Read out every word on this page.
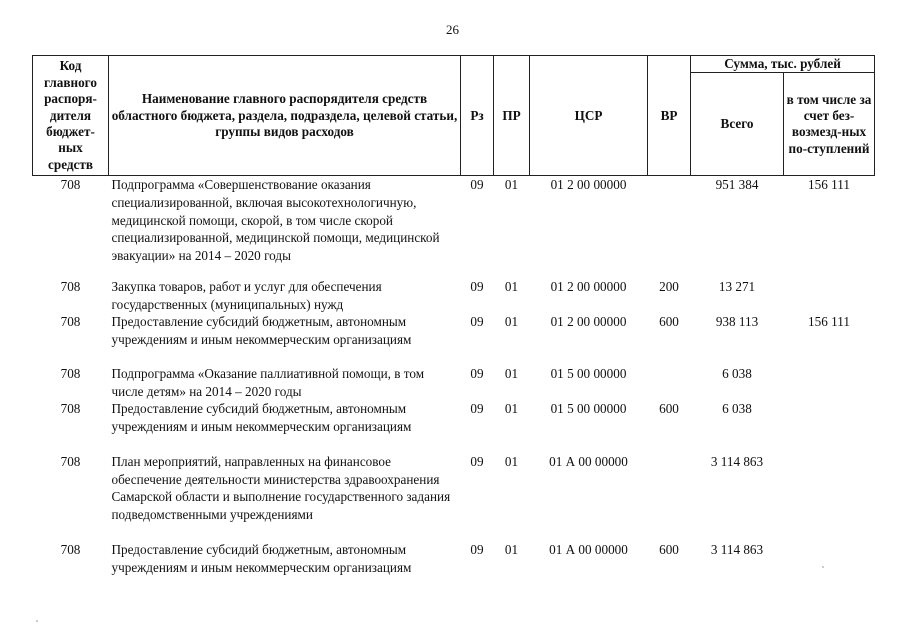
26
Код главного распоря-дителя бюджет-ных средств	Наименование главного распорядителя средств областного бюджета, раздела, подраздела, целевой статьи, группы видов расходов	Рз	ПР	ЦСР	ВР	Сумма, тыс. рублей	
						Всего	в том числе за счет без-возмезд-ных по-ступлений
708	Подпрограмма «Совершенствование оказания специализированной, включая высокотехнологичную, медицинской помощи, скорой, в том числе скорой специализированной, медицинской помощи, медицинской эвакуации» на 2014 – 2020 годы	09	01	01 2 00 00000		951 384	156 111
708	Закупка товаров, работ и услуг для обеспечения государственных (муниципальных) нужд	09	01	01 2 00 00000	200	13 271	
708	Предоставление субсидий бюджетным, автономным учреждениям и иным некоммерческим организациям	09	01	01 2 00 00000	600	938 113	156 111
708	Подпрограмма «Оказание паллиативной помощи, в том числе детям» на 2014 – 2020 годы	09	01	01 5 00 00000		6 038	
708	Предоставление субсидий бюджетным, автономным учреждениям и иным некоммерческим организациям	09	01	01 5 00 00000	600	6 038	
708	План мероприятий, направленных на финансовое обеспечение деятельности министерства здравоохранения Самарской области и выполнение государственного задания подведомственными учреждениями	09	01	01 А 00 00000		3 114 863	
708	Предоставление субсидий бюджетным, автономным учреждениям и иным некоммерческим организациям	09	01	01 А 00 00000	600	3 114 863	
